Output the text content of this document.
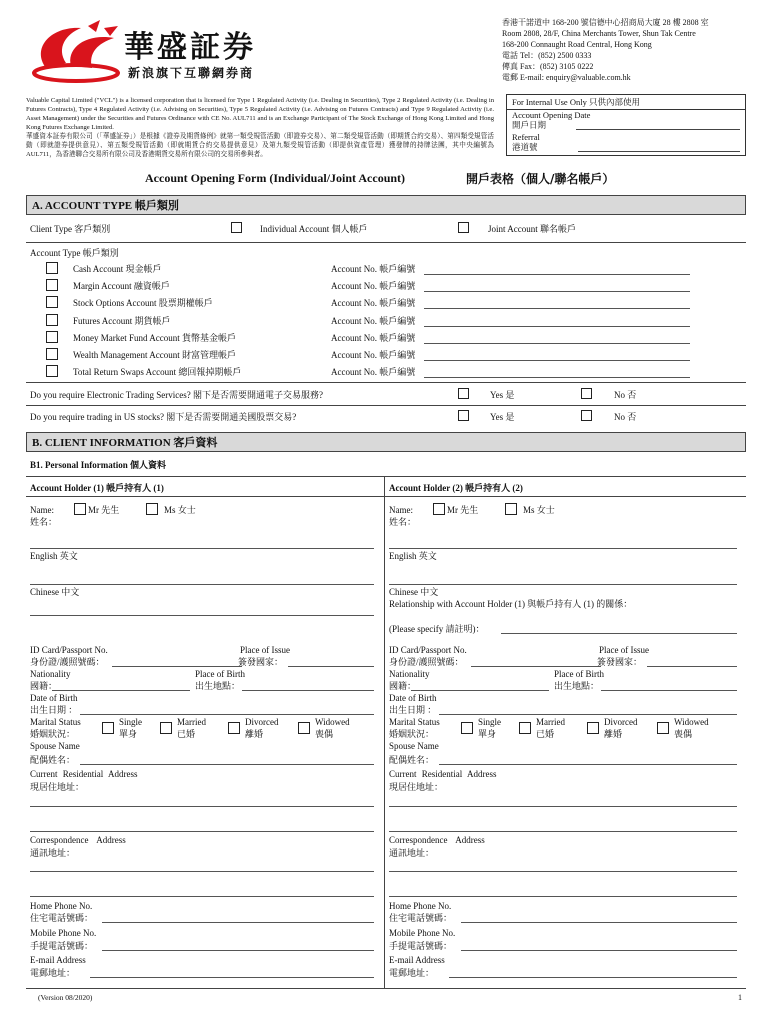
華盛証券
新浪旗下互聯網券商
香港干諾道中 168-200 號信德中心招商局大廈 28 樓 2808 室
Room 2808, 28/F, China Merchants Tower, Shun Tak Centre
168-200 Connaught Road Central, Hong Kong
電話 Tel：(852) 2500 0333
傳真 Fax：(852) 3105 0222
電郵 E-mail: enquiry@valuable.com.hk
Valuable Capital Limited ("VCL") is a licensed corporation that is licensed for Type 1 Regulated Activity (i.e. Dealing in Securities), Type 2 Regulated Activity (i.e. Dealing in Futures Contracts), Type 4 Regulated Activity (i.e. Advising on Securities), Type 5 Regulated Activity (i.e. Advising on Futures Contracts) and Type 9 Regulated Activity (i.e. Asset Management) under the Securities and Futures Ordinance with CE No. AUL711 and is an Exchange Participant of The Stock Exchange of Hong Kong Limited and Hong Kong Futures Exchange Limited.
華盛資本証券有限公司（「華盛証券」）是根據《證券及期貨條例》就第一類受規管活動（即證券交易）、第二類受規管活動（即期貨合約交易）、第四類受規管活動（即就證券提供意見）、第五類受規管活動（即就期貨合約交易提供意見）及第九類受規管活動（即提供資產管理）獲發牌的持牌法團，其中央編號為 AUL711，為香港聯合交易所有限公司及香港期貨交易所有限公司的交易所參與者。
For Internal Use Only 只供內部使用
Account Opening Date
開戶日期
Referral
港道號
Account Opening Form (Individual/Joint Account)	開戶表格（個人/聯名帳戶）
A. ACCOUNT TYPE 帳戶類別
Client Type 客戶類別	Individual Account 個人帳戶	Joint Account 聯名帳戶
Account Type 帳戶類別
Cash Account 現金帳戶	Account No. 帳戶編號
Margin Account 融資帳戶	Account No. 帳戶編號
Stock Options Account 股票期權帳戶	Account No. 帳戶編號
Futures Account 期貨帳戶	Account No. 帳戶編號
Money Market Fund Account 貨幣基金帳戶	Account No. 帳戶編號
Wealth Management Account 財富管理帳戶	Account No. 帳戶編號
Total Return Swaps Account 總回報掉期帳戶	Account No. 帳戶編號
Do you require Electronic Trading Services? 閣下是否需要開通電子交易服務?	Yes 是	No 否
Do you require trading in US stocks? 閣下是否需要開通美國股票交易?	Yes 是	No 否
B. CLIENT INFORMATION 客戶資料
B1. Personal Information 個人資料
Account Holder (1) 帳戶持有人 (1)	Account Holder (2) 帳戶持有人 (2)
Name:
姓名：
Mr 先生	Ms 女士
English 英文
Chinese 中文
ID Card/Passport No.
身份證/護照號碼：
Place of Issue
簽發國家：
Nationality
國籍：
Place of Birth
出生地點：
Date of Birth
出生日期 ：
Marital Status
婚姻狀況：
Single
單身
Married
已婚
Divorced
離婚
Widowed
喪偶
Spouse Name
配偶姓名：
Current Residential Address
現居住地址：
Correspondence Address
通訊地址：
Home Phone No.
住宅電話號碼：
Mobile Phone No.
手提電話號碼：
E-mail Address
電郵地址：
Name:
姓名：
Mr 先生	Ms 女士
English 英文
Chinese 中文
Relationship with Account Holder (1) 與帳戶持有人 (1) 的關係：
(Please specify 請註明)：
ID Card/Passport No.
身份證/護照號碼：
Place of Issue
簽發國家：
Nationality
國籍：
Place of Birth
出生地點：
Date of Birth
出生日期 ：
Marital Status
婚姻狀況：
Single
單身
Married
已婚
Divorced
離婚
Widowed
喪偶
Spouse Name
配偶姓名：
Current Residential Address
現居住地址：
Correspondence Address
通訊地址：
Home Phone No.
住宅電話號碼：
Mobile Phone No.
手提電話號碼：
E-mail Address
電郵地址：
(Version 08/2020)	1
